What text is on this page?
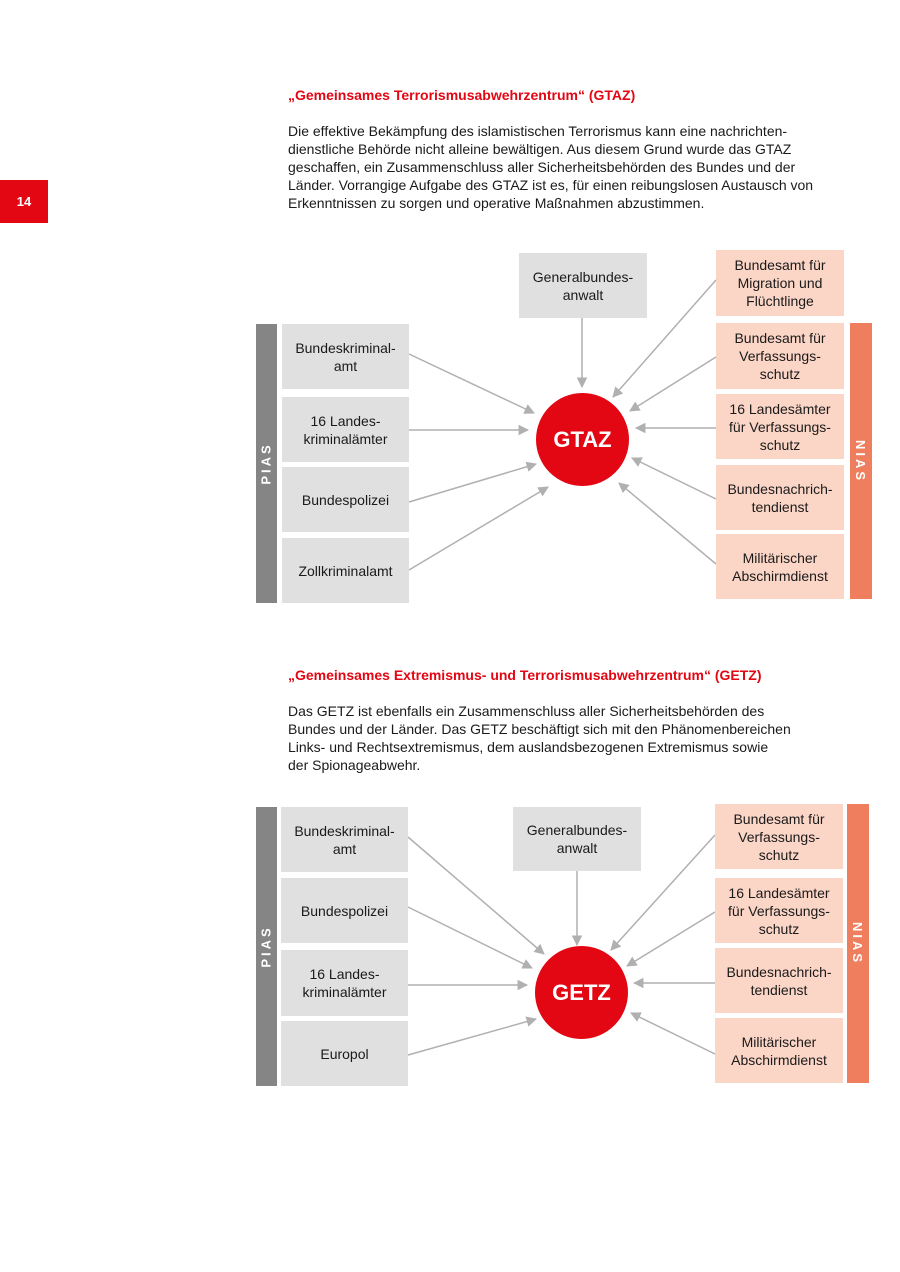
14
„Gemeinsames Terrorismusabwehrzentrum“ (GTAZ)

Die effektive Bekämpfung des islamistischen Terrorismus kann eine nachrichten-
dienstliche Behörde nicht alleine bewältigen. Aus diesem Grund wurde das GTAZ
geschaffen, ein Zusammenschluss aller Sicherheitsbehörden des Bundes und der
Länder. Vorrangige Aufgabe des GTAZ ist es, für einen reibungslosen Austausch von
Erkenntnissen zu sorgen und operative Maßnahmen abzustimmen.

PIAS	NIAS
Generalbundes-
anwalt
Bundeskriminal-
amt
16 Landes-
kriminalämter
Bundespolizei
Zollkriminalamt
Bundesamt für
Migration und
Flüchtlinge
Bundesamt für
Verfassungs-
schutz
16 Landesämter
für Verfassungs-
schutz
Bundesnachrich-
tendienst
Militärischer
Abschirmdienst
GTAZ
„Gemeinsames Extremismus- und Terrorismusabwehrzentrum“ (GETZ)

Das GETZ ist ebenfalls ein Zusammenschluss aller Sicherheitsbehörden des
Bundes und der Länder. Das GETZ beschäftigt sich mit den Phänomenbereichen
Links- und Rechtsextremismus, dem auslandsbezogenen Extremismus sowie
der Spionageabwehr.

PIAS	NIAS
Generalbundes-
anwalt
Bundeskriminal-
amt
Bundespolizei
16 Landes-
kriminalämter
Europol
Bundesamt für
Verfassungs-
schutz
16 Landesämter
für Verfassungs-
schutz
Bundesnachrich-
tendienst
Militärischer
Abschirmdienst
GETZ
